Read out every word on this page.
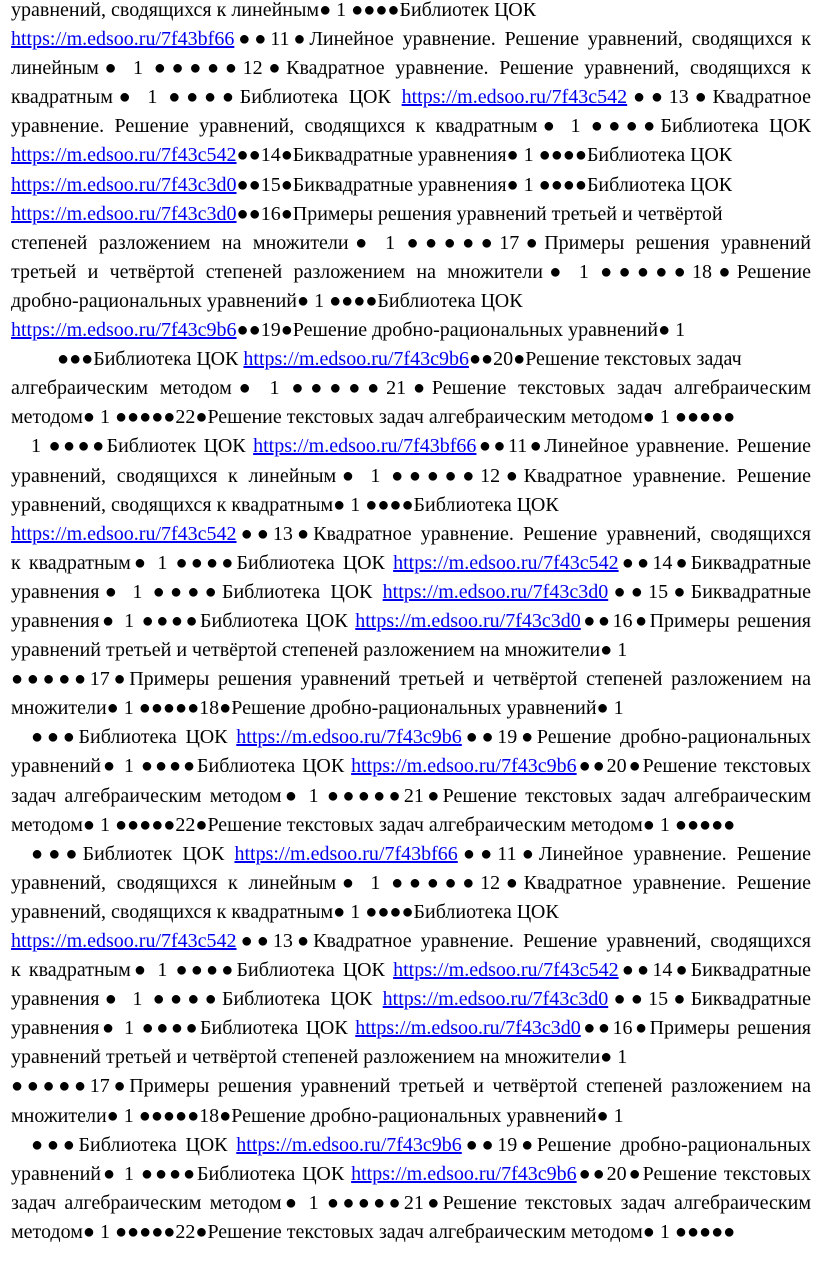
уравнений, сводящихся к линейным● 1 ●●●●Библиотек ЦОК
https://m.edsoo.ru/7f43bf66●●11●Линейное уравнение. Решение уравнений, сводящихся к
линейным● 1 ●●●●●12●Квадратное уравнение. Решение уравнений, сводящихся к
квадратным● 1 ●●●●Библиотека ЦОК https://m.edsoo.ru/7f43c542●●13●Квадратное
уравнение. Решение уравнений, сводящихся к квадратным● 1 ●●●●Библиотека ЦОК
https://m.edsoo.ru/7f43c542●●14●Биквадратные уравнения● 1 ●●●●Библиотека ЦОК
https://m.edsoo.ru/7f43c3d0●●15●Биквадратные уравнения● 1 ●●●●Библиотека ЦОК
https://m.edsoo.ru/7f43c3d0●●16●Примеры решения уравнений третьей и четвёртой
степеней разложением на множители● 1 ●●●●●17●Примеры решения уравнений
третьей и четвёртой степеней разложением на множители● 1 ●●●●●18●Решение
дробно-рациональных уравнений● 1 ●●●●Библиотека ЦОК
https://m.edsoo.ru/7f43c9b6●●19●Решение дробно-рациональных уравнений● 1
●●●Библиотека ЦОК https://m.edsoo.ru/7f43c9b6●●20●Решение текстовых задач
алгебраическим методом● 1 ●●●●●21●Решение текстовых задач алгебраическим
методом● 1 ●●●●●22●Решение текстовых задач алгебраическим методом● 1 ●●●●●
1 ●●●●Библиотек ЦОК https://m.edsoo.ru/7f43bf66●●11●Линейное уравнение. Решение
уравнений, сводящихся к линейным● 1 ●●●●●12●Квадратное уравнение. Решение
уравнений, сводящихся к квадратным● 1 ●●●●Библиотека ЦОК
https://m.edsoo.ru/7f43c542●●13●Квадратное уравнение. Решение уравнений, сводящихся
к квадратным● 1 ●●●●Библиотека ЦОК https://m.edsoo.ru/7f43c542●●14●Биквадратные
уравнения● 1 ●●●●Библиотека ЦОК https://m.edsoo.ru/7f43c3d0●●15●Биквадратные
уравнения● 1 ●●●●Библиотека ЦОК https://m.edsoo.ru/7f43c3d0●●16●Примеры решения
уравнений третьей и четвёртой степеней разложением на множители● 1
●●●●●17●Примеры решения уравнений третьей и четвёртой степеней разложением на
множители● 1 ●●●●●18●Решение дробно-рациональных уравнений● 1
●●●Библиотека ЦОК https://m.edsoo.ru/7f43c9b6●●19●Решение дробно-рациональных
уравнений● 1 ●●●●Библиотека ЦОК https://m.edsoo.ru/7f43c9b6●●20●Решение текстовых
задач алгебраическим методом● 1 ●●●●●21●Решение текстовых задач алгебраическим
методом● 1 ●●●●●22●Решение текстовых задач алгебраическим методом● 1 ●●●●●
●●●Библиотек ЦОК https://m.edsoo.ru/7f43bf66●●11●Линейное уравнение. Решение
уравнений, сводящихся к линейным● 1 ●●●●●12●Квадратное уравнение. Решение
уравнений, сводящихся к квадратным● 1 ●●●●Библиотека ЦОК
https://m.edsoo.ru/7f43c542●●13●Квадратное уравнение. Решение уравнений, сводящихся
к квадратным● 1 ●●●●Библиотека ЦОК https://m.edsoo.ru/7f43c542●●14●Биквадратные
уравнения● 1 ●●●●Библиотека ЦОК https://m.edsoo.ru/7f43c3d0●●15●Биквадратные
уравнения● 1 ●●●●Библиотека ЦОК https://m.edsoo.ru/7f43c3d0●●16●Примеры решения
уравнений третьей и четвёртой степеней разложением на множители● 1
●●●●●17●Примеры решения уравнений третьей и четвёртой степеней разложением на
множители● 1 ●●●●●18●Решение дробно-рациональных уравнений● 1
●●●Библиотека ЦОК https://m.edsoo.ru/7f43c9b6●●19●Решение дробно-рациональных
уравнений● 1 ●●●●Библиотека ЦОК https://m.edsoo.ru/7f43c9b6●●20●Решение текстовых
задач алгебраическим методом● 1 ●●●●●21●Решение текстовых задач алгебраическим
методом● 1 ●●●●●22●Решение текстовых задач алгебраическим методом● 1 ●●●●●
